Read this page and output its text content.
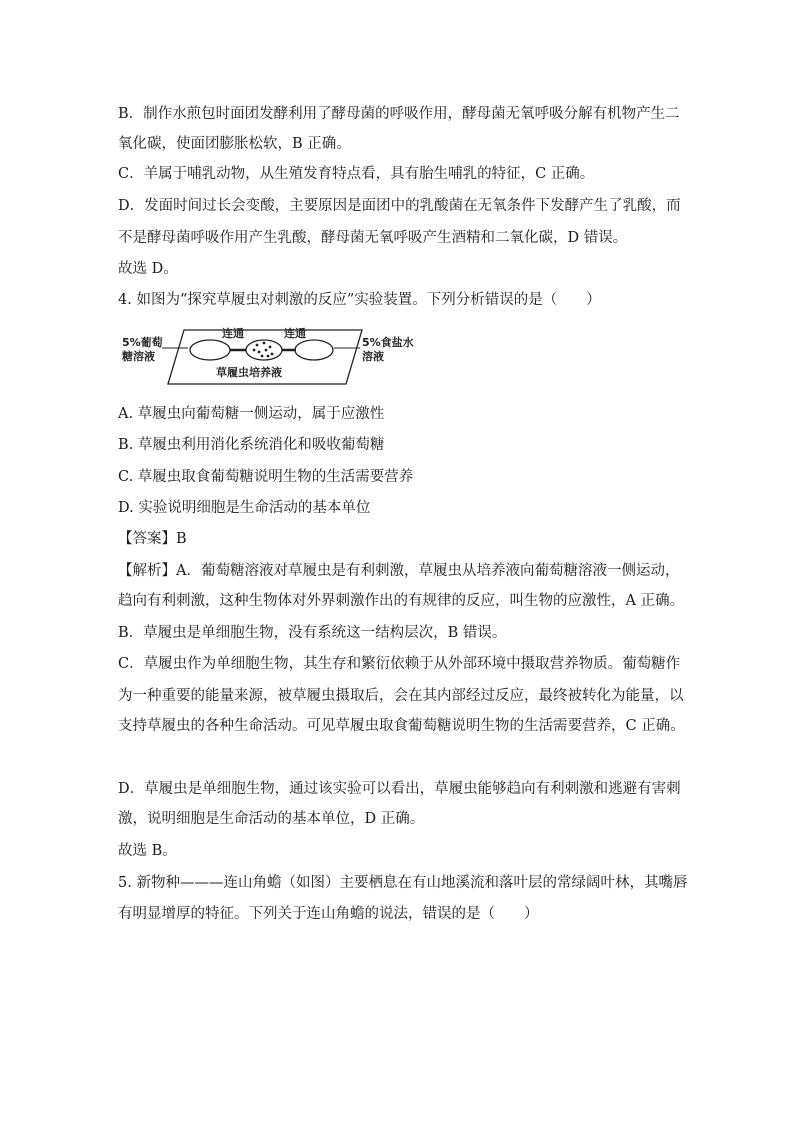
B．制作水煎包时面团发酵利用了酵母菌的呼吸作用，酵母菌无氧呼吸分解有机物产生二
氧化碳，使面团膨胀松软，B 正确。
C．羊属于哺乳动物，从生殖发育特点看，具有胎生哺乳的特征，C 正确。
D．发面时间过长会变酸，主要原因是面团中的乳酸菌在无氧条件下发酵产生了乳酸，而
不是酵母菌呼吸作用产生乳酸，酵母菌无氧呼吸产生酒精和二氧化碳，D 错误。
故选 D。
4. 如图为“探究草履虫对刺激的反应”实验装置。下列分析错误的是（　　）
5%葡萄
糖溶液
连通	连通
5%食盐水
溶液
草履虫培养液
A. 草履虫向葡萄糖一侧运动，属于应激性
B. 草履虫利用消化系统消化和吸收葡萄糖
C. 草履虫取食葡萄糖说明生物的生活需要营养
D. 实验说明细胞是生命活动的基本单位
【答案】B
【解析】A．葡萄糖溶液对草履虫是有利刺激，草履虫从培养液向葡萄糖溶液一侧运动，
趋向有利刺激，这种生物体对外界刺激作出的有规律的反应，叫生物的应激性，A 正确。
B．草履虫是单细胞生物，没有系统这一结构层次，B 错误。
C．草履虫作为单细胞生物，其生存和繁衍依赖于从外部环境中摄取营养物质。葡萄糖作
为一种重要的能量来源，被草履虫摄取后，会在其内部经过反应，最终被转化为能量，以
支持草履虫的各种生命活动。可见草履虫取食葡萄糖说明生物的生活需要营养，C 正确。
D．草履虫是单细胞生物，通过该实验可以看出，草履虫能够趋向有利刺激和逃避有害刺
激，说明细胞是生命活动的基本单位，D 正确。
故选 B。
5. 新物种———连山角蟾（如图）主要栖息在有山地溪流和落叶层的常绿阔叶林，其嘴唇
有明显增厚的特征。下列关于连山角蟾的说法，错误的是（　　）
